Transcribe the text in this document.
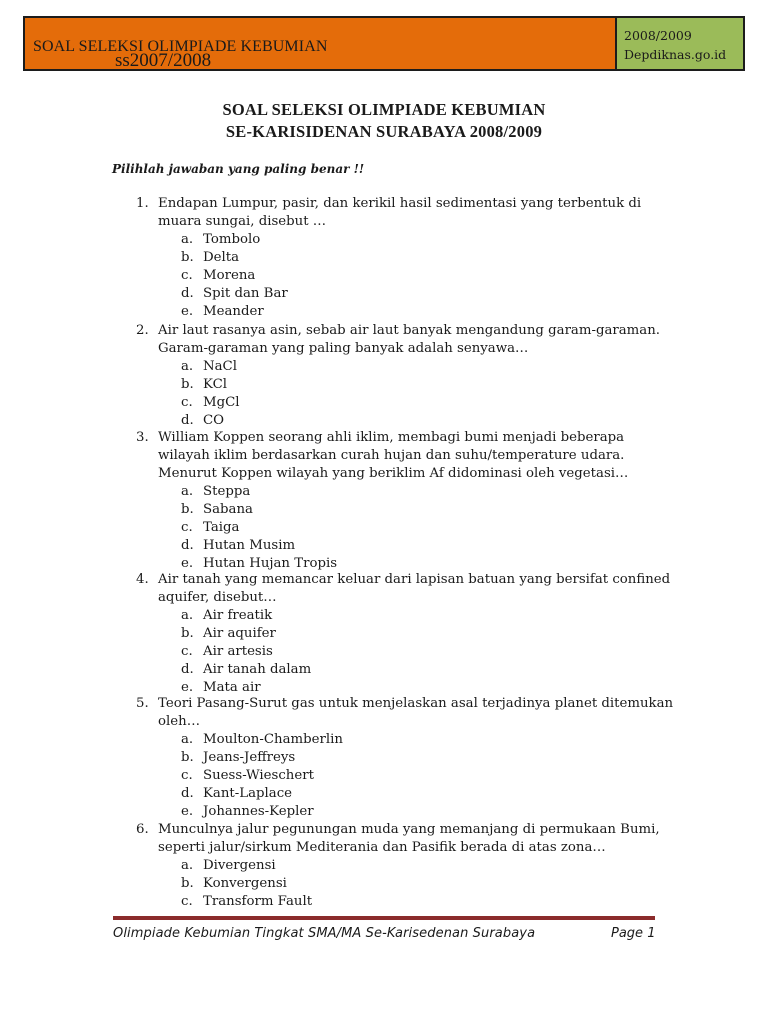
SOAL SELEKSI OLIMPIADE KEBUMIAN
ss2007/2008
2008/2009
Depdiknas.go.id
SOAL SELEKSI OLIMPIADE KEBUMIAN
SE-KARISIDENAN SURABAYA 2008/2009
Pilihlah jawaban yang paling benar !!
1. Endapan Lumpur, pasir, dan kerikil hasil sedimentasi yang terbentuk di muara sungai, disebut …
a. Tombolo
b. Delta
c. Morena
d. Spit dan Bar
e. Meander
2. Air laut rasanya asin, sebab air laut banyak mengandung garam-garaman. Garam-garaman yang paling banyak adalah senyawa…
a. NaCl
b. KCl
c. MgCl
d. CO
3. William Koppen seorang ahli iklim, membagi bumi menjadi beberapa wilayah iklim berdasarkan curah hujan dan suhu/temperature udara. Menurut Koppen wilayah yang beriklim Af didominasi oleh vegetasi…
a. Steppa
b. Sabana
c. Taiga
d. Hutan Musim
e. Hutan Hujan Tropis
4. Air tanah yang memancar keluar dari lapisan batuan yang bersifat confined aquifer, disebut…
a. Air freatik
b. Air aquifer
c. Air artesis
d. Air tanah dalam
e. Mata air
5. Teori Pasang-Surut gas untuk menjelaskan asal terjadinya planet ditemukan oleh…
a. Moulton-Chamberlin
b. Jeans-Jeffreys
c. Suess-Wieschert
d. Kant-Laplace
e. Johannes-Kepler
6. Munculnya jalur pegunungan muda yang memanjang di permukaan Bumi, seperti jalur/sirkum Mediterania dan Pasifik berada di atas zona…
a. Divergensi
b. Konvergensi
c. Transform Fault
Olimpiade Kebumian Tingkat SMA/MA Se-Karisedenan Surabaya	Page 1
